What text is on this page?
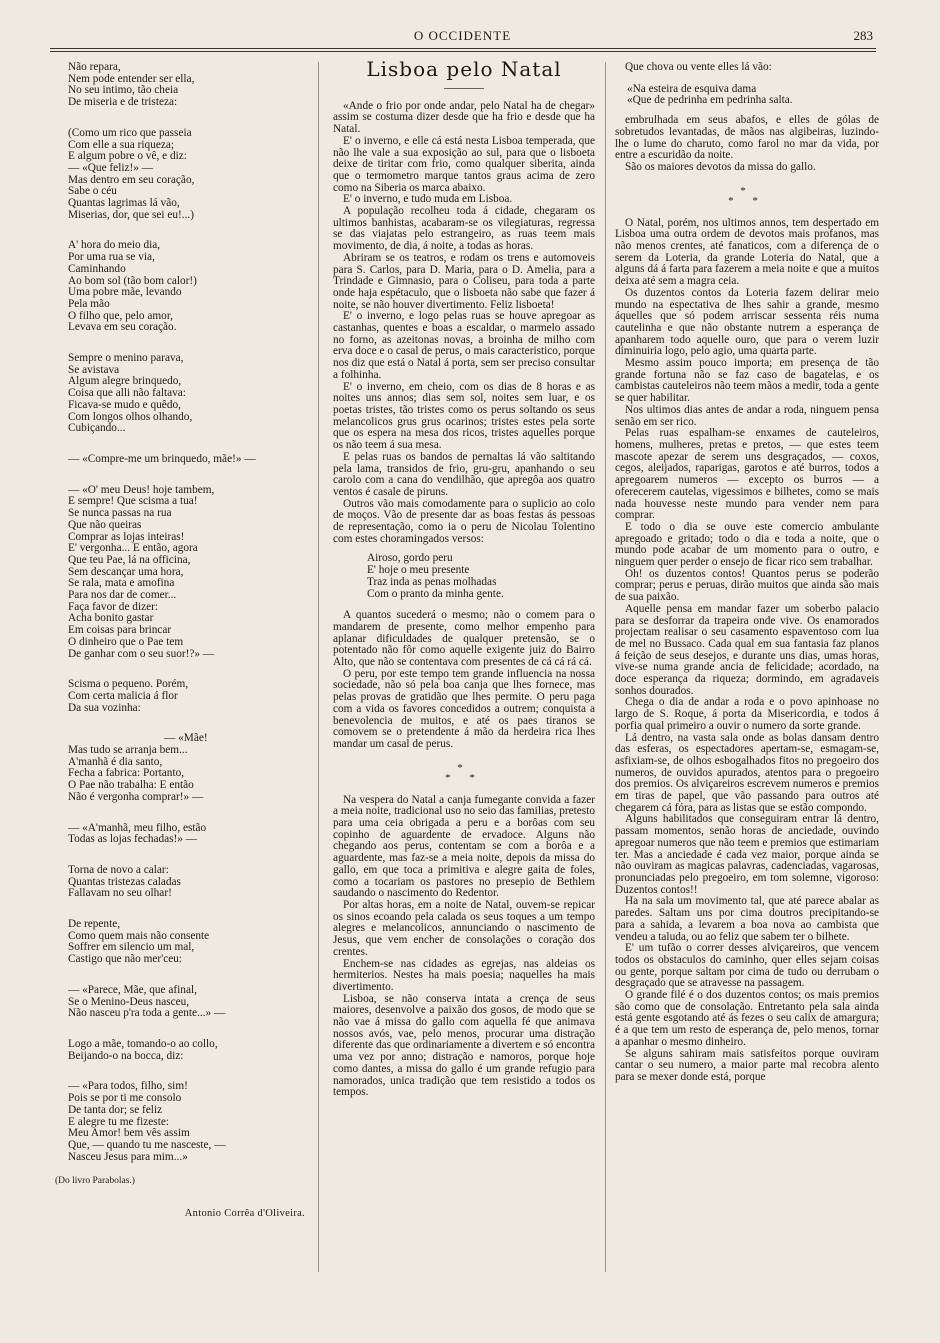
O OCCIDENTE	283
Não repara,
Nem pode entender ser ella,
No seu intimo, tão cheia
De miseria e de tristeza:
(Como um rico que passeia
Com elle a sua riqueza;
E algum pobre o vê, e diz:
— «Que feliz!» —
Mas dentro em seu coração,
Sabe o céu
Quantas lagrimas lá vão,
Miserias, dor, que sei eu!...)
A' hora do meio dia,
Por uma rua se via,
Caminhando
Ao bom sol (tão bom calor!)
Uma pobre mãe, levando
Pela mão
O filho que, pelo amor,
Levava em seu coração.
Sempre o menino parava,
Se avistava
Algum alegre brinquedo,
Coisa que alli não faltava:
Ficava-se mudo e quêdo,
Com longos olhos olhando,
Cubiçando...
— «Compre-me um brinquedo, mãe!» —
— «O' meu Deus! hoje tambem,
E sempre! Que scisma a tua!
Se nunca passas na rua
Que não queiras
Comprar as lojas inteiras!
E' vergonha... E então, agora
Que teu Pae, lá na officina,
Sem descançar uma hora,
Se rala, mata e amofina
Para nos dar de comer...
Faça favor de dizer:
Acha bonito gastar
Em coisas para brincar
O dinheiro que o Pae tem
De ganhar com o seu suor!?» —
Scisma o pequeno. Porém,
Com certa malicia á flor
Da sua vozinha:
— «Mãe!
Mas tudo se arranja bem...
A'manhã é dia santo,
Fecha a fabrica: Portanto,
O Pae não trabalha: E então
Não é vergonha comprar!» —
— «A'manhã, meu filho, estão
Todas as lojas fechadas!» —
Torna de novo a calar:
Quantas tristezas caladas
Fallavam no seu olhar!
De repente,
Como quem mais não consente
Soffrer em silencio um mal,
Castigo que não mer'ceu:
— «Parece, Mãe, que afinal,
Se o Menino-Deus nasceu,
Não nasceu p'ra toda a gente...» —
Logo a mãe, tomando-o ao collo,
Beijando-o na bocca, diz:
— «Para todos, filho, sim!
Pois se por ti me consolo
De tanta dor; se feliz
E alegre tu me fizeste:
Meu Amor! bem vês assim
Que, — quando tu me nasceste, —
Nasceu Jesus para mim...»
(Do livro Parabolas.)
Antonio Corrêa d'Oliveira.
Lisboa pelo Natal

«Ande o frio por onde andar, pelo Natal ha de chegar» assim se costuma dizer desde que ha frio e desde que ha Natal.

E' o inverno, e elle cá está nesta Lisboa temperada, que não lhe vale a sua exposição ao sul, para que o lisboeta deixe de tiritar com frio, como qualquer siberita, ainda que o termometro marque tantos graus acima de zero como na Siberia os marca abaixo.

E' o inverno, e tudo muda em Lisboa.

A população recolheu toda á cidade, chegaram os ultimos banhistas, acabaram-se os vilegiaturas, regressa se das viajatas pelo estrangeiro, as ruas teem mais movimento, de dia, á noite, a todas as horas.

Abriram se os teatros, e rodam os trens e automoveis para S. Carlos, para D. Maria, para o D. Amelia, para a Trindade e Gimnasio, para o Coliseu, para toda a parte onde haja espétaculo, que o lisboeta não sabe que fazer á noite, se não houver divertimento. Feliz lisboeta!

E' o inverno, e logo pelas ruas se houve apregoar as castanhas, quentes e boas a escaldar, o marmelo assado no forno, as azeitonas novas, a broinha de milho com erva doce e o casal de perus, o mais caracteristico, porque nos diz que está o Natal á porta, sem ser preciso consultar a folhinha.

E' o inverno, em cheio, com os dias de 8 horas e as noites uns annos; dias sem sol, noites sem luar, e os poetas tristes, tão tristes como os perus soltando os seus melancolicos grus grus ocarinos; tristes estes pela sorte que os espera na mesa dos ricos, tristes aquelles porque os não teem á sua mesa.

E pelas ruas os bandos de pernaltas lá vão saltitando pela lama, transidos de frio, gru-gru, apanhando o seu carolo com a cana do vendilhão, que apregôa aos quatro ventos é casale de piruns.

Outros vão mais comodamente para o suplicio ao colo de moços. Vão de presente dar as boas festas ás pessoas de representação, como ia o peru de Nicolau Tolentino com estes choramingados versos:

Airoso, gordo peru
E' hoje o meu presente
Traz inda as penas molhadas
Com o pranto da minha gente.

A quantos sucederá o mesmo; não o comem para o mandarem de presente, como melhor empenho para aplanar dificuldades de qualquer pretensão, se o potentado não fôr como aquelle exigente juiz do Bairro Alto, que não se contentava com presentes de cá cá rá cá.

O peru, por este tempo tem grande influencia na nossa sociedade, não só pela boa canja que lhes fornece, mas pelas provas de gratidão que lhes permite. O peru paga com a vida os favores concedidos a outrem; conquista a benevolencia de muitos, e até os paes tiranos se comovem se o pretendente á mão da herdeira rica lhes mandar um casal de perus.

*
* *

Na vespera do Natal a canja fumegante convida a fazer a meia noite, tradicional uso no seio das familias, pretesto para uma ceia obrigada a peru e a borôas com seu copinho de aguardente de ervadoce. Alguns não chegando aos perus, contentam se com a borôa e a aguardente, mas faz-se a meia noite, depois da missa do gallo, em que toca a primitiva e alegre gaita de foles, como a tocariam os pastores no presepio de Bethlem saudando o nascimento do Redentor.

Por altas horas, em a noite de Natal, ouvem-se repicar os sinos ecoando pela calada os seus toques a um tempo alegres e melancolicos, annunciando o nascimento de Jesus, que vem encher de consolações o coração dos crentes.

Enchem-se nas cidades as egrejas, nas aldeias os hermiterios. Nestes ha mais poesia; naquelles ha mais divertimento.

Lisboa, se não conserva intata a crença de seus maiores, desenvolve a paixão dos gosos, de modo que se não vae á missa do gallo com aquella fé que animava nossos avós, vae, pelo menos, procurar uma distração diferente das que ordinariamente a divertem e só encontra uma vez por anno; distração e namoros, porque hoje como dantes, a missa do gallo é um grande refugio para namorados, unica tradição que tem resistido a todos os tempos.

Que chova ou vente elles lá vão:

«Na esteira de esquiva dama
«Que de pedrinha em pedrinha salta.

embrulhada em seus abafos, e elles de gólas de sobretudos levantadas, de mãos nas algibeiras, luzindo-lhe o lume do charuto, como farol no mar da vida, por entre a escuridão da noite.

São os maiores devotos da missa do gallo.

*
* *

O Natal, porém, nos ultimos annos, tem despertado em Lisboa uma outra ordem de devotos mais profanos, mas não menos crentes, até fanaticos, com a diferença de o serem da Loteria, da grande Loteria do Natal, que a alguns dá á farta para fazerem a meia noite e que a muitos deixa até sem a magra ceia.

Os duzentos contos da Loteria fazem delirar meio mundo na espectativa de lhes sahir a grande, mesmo áquelles que só podem arriscar sessenta réis numa cautelinha e que não obstante nutrem a esperança de apanharem todo aquelle ouro, que para o verem luzir diminuiria logo, pelo agio, uma quarta parte.

Mesmo assim pouco importa; em presença de tão grande fortuna não se faz caso de bagatelas, e os cambistas cauteleiros não teem mãos a medir, toda a gente se quer habilitar.

Nos ultimos dias antes de andar a roda, ninguem pensa senão em ser rico.

Pelas ruas espalham-se enxames de cauteleiros, homens, mulheres, pretas e pretos, — que estes teem mascote apezar de serem uns desgraçados, — coxos, cegos, aleijados, raparigas, garotos e até burros, todos a apregoarem numeros — excepto os burros — a oferecerem cautelas, vigessimos e bilhetes, como se mais nada houvesse neste mundo para vender nem para comprar.

E todo o dia se ouve este comercio ambulante apregoado e gritado; todo o dia e toda a noite, que o mundo pode acabar de um momento para o outro, e ninguem quer perder o ensejo de ficar rico sem trabalhar.

Oh! os duzentos contos! Quantos perus se poderão comprar; perus e peruas, dirão muitos que ainda são mais de sua paixão.

Aquelle pensa em mandar fazer um soberbo palacio para se desforrar da trapeira onde vive. Os enamorados projectam realisar o seu casamento espaventoso com lua de mel no Bussaco. Cada qual em sua fantasia faz planos á feição de seus desejos, e durante uns dias, umas horas, vive-se numa grande ancia de felicidade; acordado, na doce esperança da riqueza; dormindo, em agradaveis sonhos dourados.

Chega o dia de andar a roda e o povo apinhoase no largo de S. Roque, á porta da Misericordia, e todos á porfia qual primeiro a ouvir o numero da sorte grande.

Lá dentro, na vasta sala onde as bolas dansam dentro das esferas, os espectadores apertam-se, esmagam-se, asfixiam-se, de olhos esbogalhados fitos no pregoeiro dos numeros, de ouvidos apurados, atentos para o pregoeiro dos premios. Os alviçareiros escrevem numeros e premios em tiras de papel, que vão passando para outros até chegarem cá fóra, para as listas que se estão compondo.

Alguns habilitados que conseguiram entrar lá dentro, passam momentos, senão horas de anciedade, ouvindo apregoar numeros que não teem e premios que estimariam ter. Mas a anciedade é cada vez maior, porque ainda se não ouviram as magicas palavras, cadenciadas, vagarosas, pronunciadas pelo pregoeiro, em tom solemne, vigoroso: Duzentos contos!!

Ha na sala um movimento tal, que até parece abalar as paredes. Saltam uns por cima doutros precipitando-se para a sahida, a levarem a boa nova ao cambista que vendeu a taluda, ou ao feliz que sabem ter o bilhete.

E' um tufão o correr desses alviçareiros, que vencem todos os obstaculos do caminho, quer elles sejam coisas ou gente, porque saltam por cima de tudo ou derrubam o desgraçado que se atravesse na passagem.

O grande filé é o dos duzentos contos; os mais premios são como que de consolação. Entretanto pela sala ainda está gente esgotando até ás fezes o seu calix de amargura; é a que tem um resto de esperança de, pelo menos, tornar a apanhar o mesmo dinheiro.

Se alguns sahiram mais satisfeitos porque ouviram cantar o seu numero, a maior parte mal recobra alento para se mexer donde está, porque
